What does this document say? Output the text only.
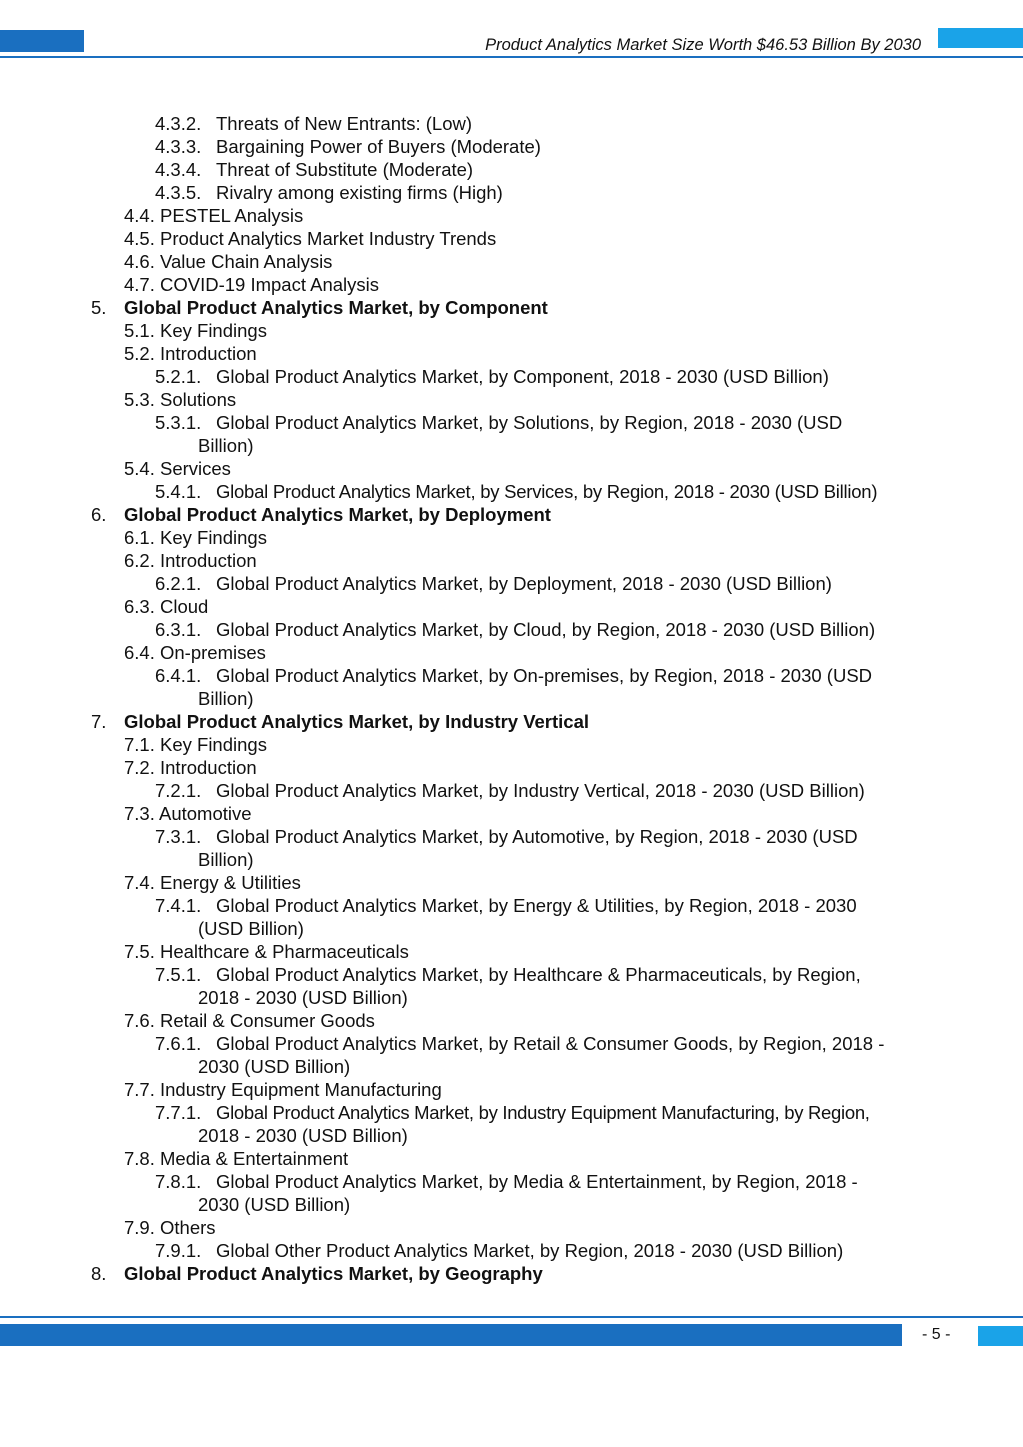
Product Analytics Market Size Worth $46.53 Billion By 2030
4.3.2. Threats of New Entrants: (Low)
4.3.3. Bargaining Power of Buyers (Moderate)
4.3.4. Threat of Substitute (Moderate)
4.3.5. Rivalry among existing firms (High)
4.4. PESTEL Analysis
4.5. Product Analytics Market Industry Trends
4.6. Value Chain Analysis
4.7. COVID-19 Impact Analysis
5. Global Product Analytics Market, by Component
5.1. Key Findings
5.2. Introduction
5.2.1. Global Product Analytics Market, by Component, 2018 - 2030 (USD Billion)
5.3. Solutions
5.3.1. Global Product Analytics Market, by Solutions, by Region, 2018 - 2030 (USD
Billion)
5.4. Services
5.4.1. Global Product Analytics Market, by Services, by Region, 2018 - 2030 (USD Billion)
6. Global Product Analytics Market, by Deployment
6.1. Key Findings
6.2. Introduction
6.2.1. Global Product Analytics Market, by Deployment, 2018 - 2030 (USD Billion)
6.3. Cloud
6.3.1. Global Product Analytics Market, by Cloud, by Region, 2018 - 2030 (USD Billion)
6.4. On-premises
6.4.1. Global Product Analytics Market, by On-premises, by Region, 2018 - 2030 (USD
Billion)
7. Global Product Analytics Market, by Industry Vertical
7.1. Key Findings
7.2. Introduction
7.2.1. Global Product Analytics Market, by Industry Vertical, 2018 - 2030 (USD Billion)
7.3. Automotive
7.3.1. Global Product Analytics Market, by Automotive, by Region, 2018 - 2030 (USD
Billion)
7.4. Energy & Utilities
7.4.1. Global Product Analytics Market, by Energy & Utilities, by Region, 2018 - 2030
(USD Billion)
7.5. Healthcare & Pharmaceuticals
7.5.1. Global Product Analytics Market, by Healthcare & Pharmaceuticals, by Region,
2018 - 2030 (USD Billion)
7.6. Retail & Consumer Goods
7.6.1. Global Product Analytics Market, by Retail & Consumer Goods, by Region, 2018 -
2030 (USD Billion)
7.7. Industry Equipment Manufacturing
7.7.1. Global Product Analytics Market, by Industry Equipment Manufacturing, by Region,
2018 - 2030 (USD Billion)
7.8. Media & Entertainment
7.8.1. Global Product Analytics Market, by Media & Entertainment, by Region, 2018 -
2030 (USD Billion)
7.9. Others
7.9.1. Global Other Product Analytics Market, by Region, 2018 - 2030 (USD Billion)
8. Global Product Analytics Market, by Geography
- 5 -
